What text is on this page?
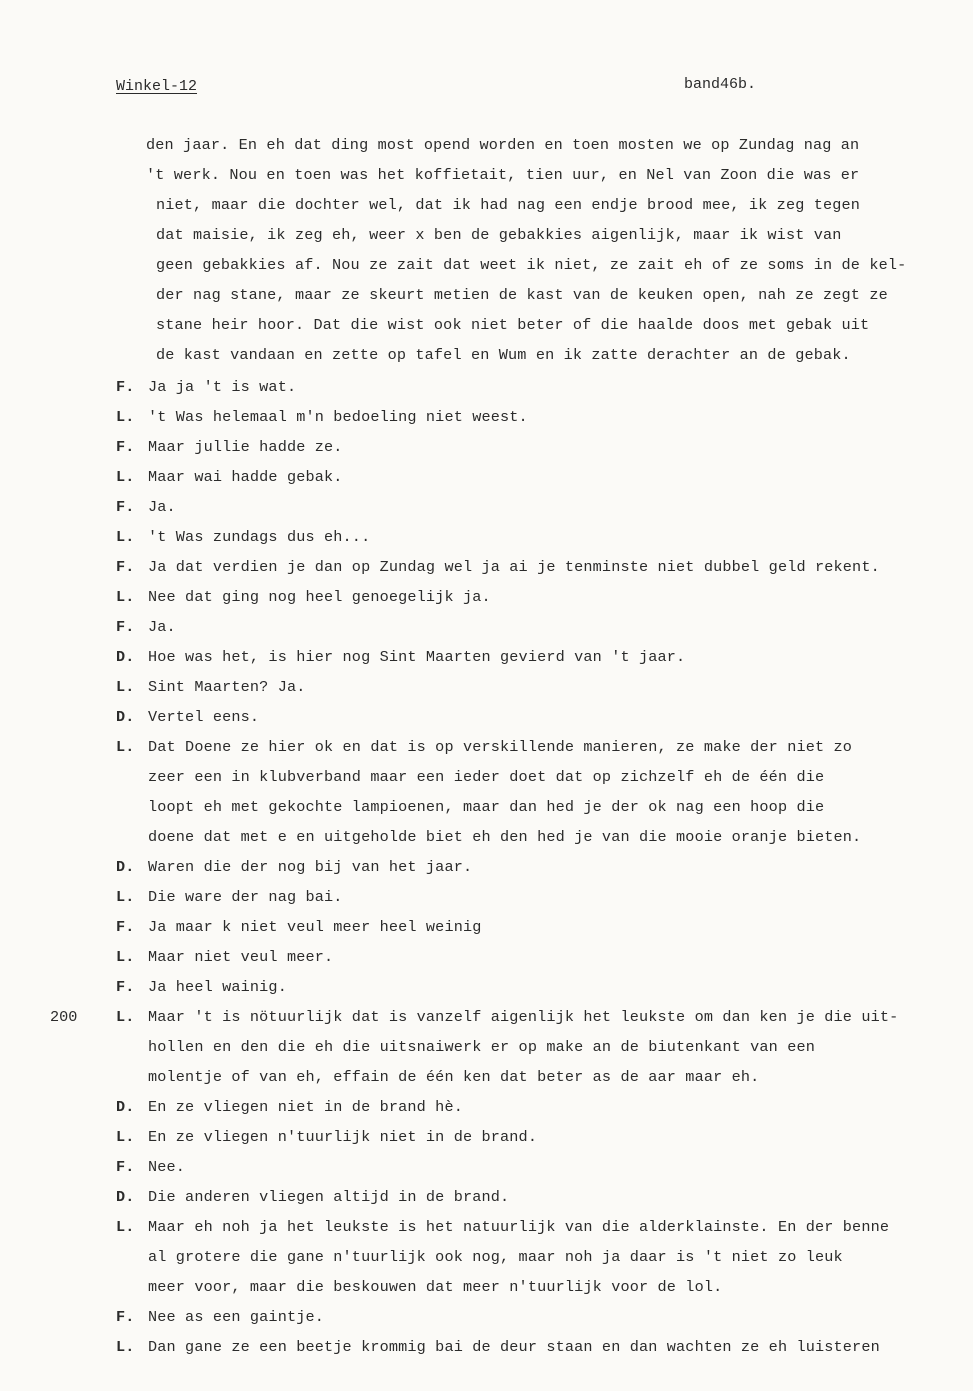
Winkel-12	band46b.
den jaar. En eh dat ding most opend worden en toen mosten we op Zundag nag an
't werk. Nou en toen was het koffietait, tien uur, en Nel van Zoon die was er
niet, maar die dochter wel, dat ik had nag een endje brood mee, ik zeg tegen
dat maisie, ik zeg eh, weer x ben de gebakkies aigenlijk, maar ik wist van
geen gebakkies af. Nou ze zait dat weet ik niet, ze zait eh of ze soms in de kel-
der nag stane, maar ze skeurt metien de kast van de keuken open, nah ze zegt ze
stane heir hoor. Dat die wist ook niet beter of die haalde doos met gebak uit
de kast vandaan en zette op tafel en Wum en ik zatte derachter an de gebak.
F. Ja ja 't is wat.
L. 't Was helemaal m'n bedoeling niet weest.
F. Maar jullie hadde ze.
L. Maar wai hadde gebak.
F. Ja.
L. 't Was zundags dus eh...
F. Ja dat verdien je dan op Zundag wel ja ai je tenminste niet dubbel geld rekent.
L. Nee dat ging nog heel genoegelijk ja.
F. Ja.
D. Hoe was het, is hier nog Sint Maarten gevierd van 't jaar.
L. Sint Maarten? Ja.
D. Vertel eens.
L. Dat Doene ze hier ok en dat is op verskillende manieren, ze make der niet zo
zeer een in klubverband maar een ieder doet dat op zichzelf eh de één die
loopt eh met gekochte lampioenen, maar dan hed je der ok nag een hoop die
doene dat met e en uitgeholde biet eh den hed je van die mooie oranje bieten.
D. Waren die der nog bij van het jaar.
L. Die ware der nag bai.
F. Ja maar k niet veul meer heel weinig
L. Maar niet veul meer.
F. Ja heel wainig.
L. Maar 't is nötuurlijk dat is vanzelf aigenlijk het leukste om dan ken je die uit-
hollen en den die eh die uitsnaiwerk er op make an de biutenkant van een
molentje of van eh, effain de één ken dat beter as de aar maar eh.
200
D. En ze vliegen niet in de brand hè.
L. En ze vliegen n'tuurlijk niet in de brand.
F. Nee.
D. Die anderen vliegen altijd in de brand.
L. Maar eh noh ja het leukste is het natuurlijk van die alderklainste. En der benne
al grotere die gane n'tuurlijk ook nog, maar noh ja daar is 't niet zo leuk
meer voor, maar die beskouwen dat meer n'tuurlijk voor de lol.
F. Nee as een gaintje.
L. Dan gane ze een beetje krommig bai de deur staan en dan wachten ze eh luisteren
